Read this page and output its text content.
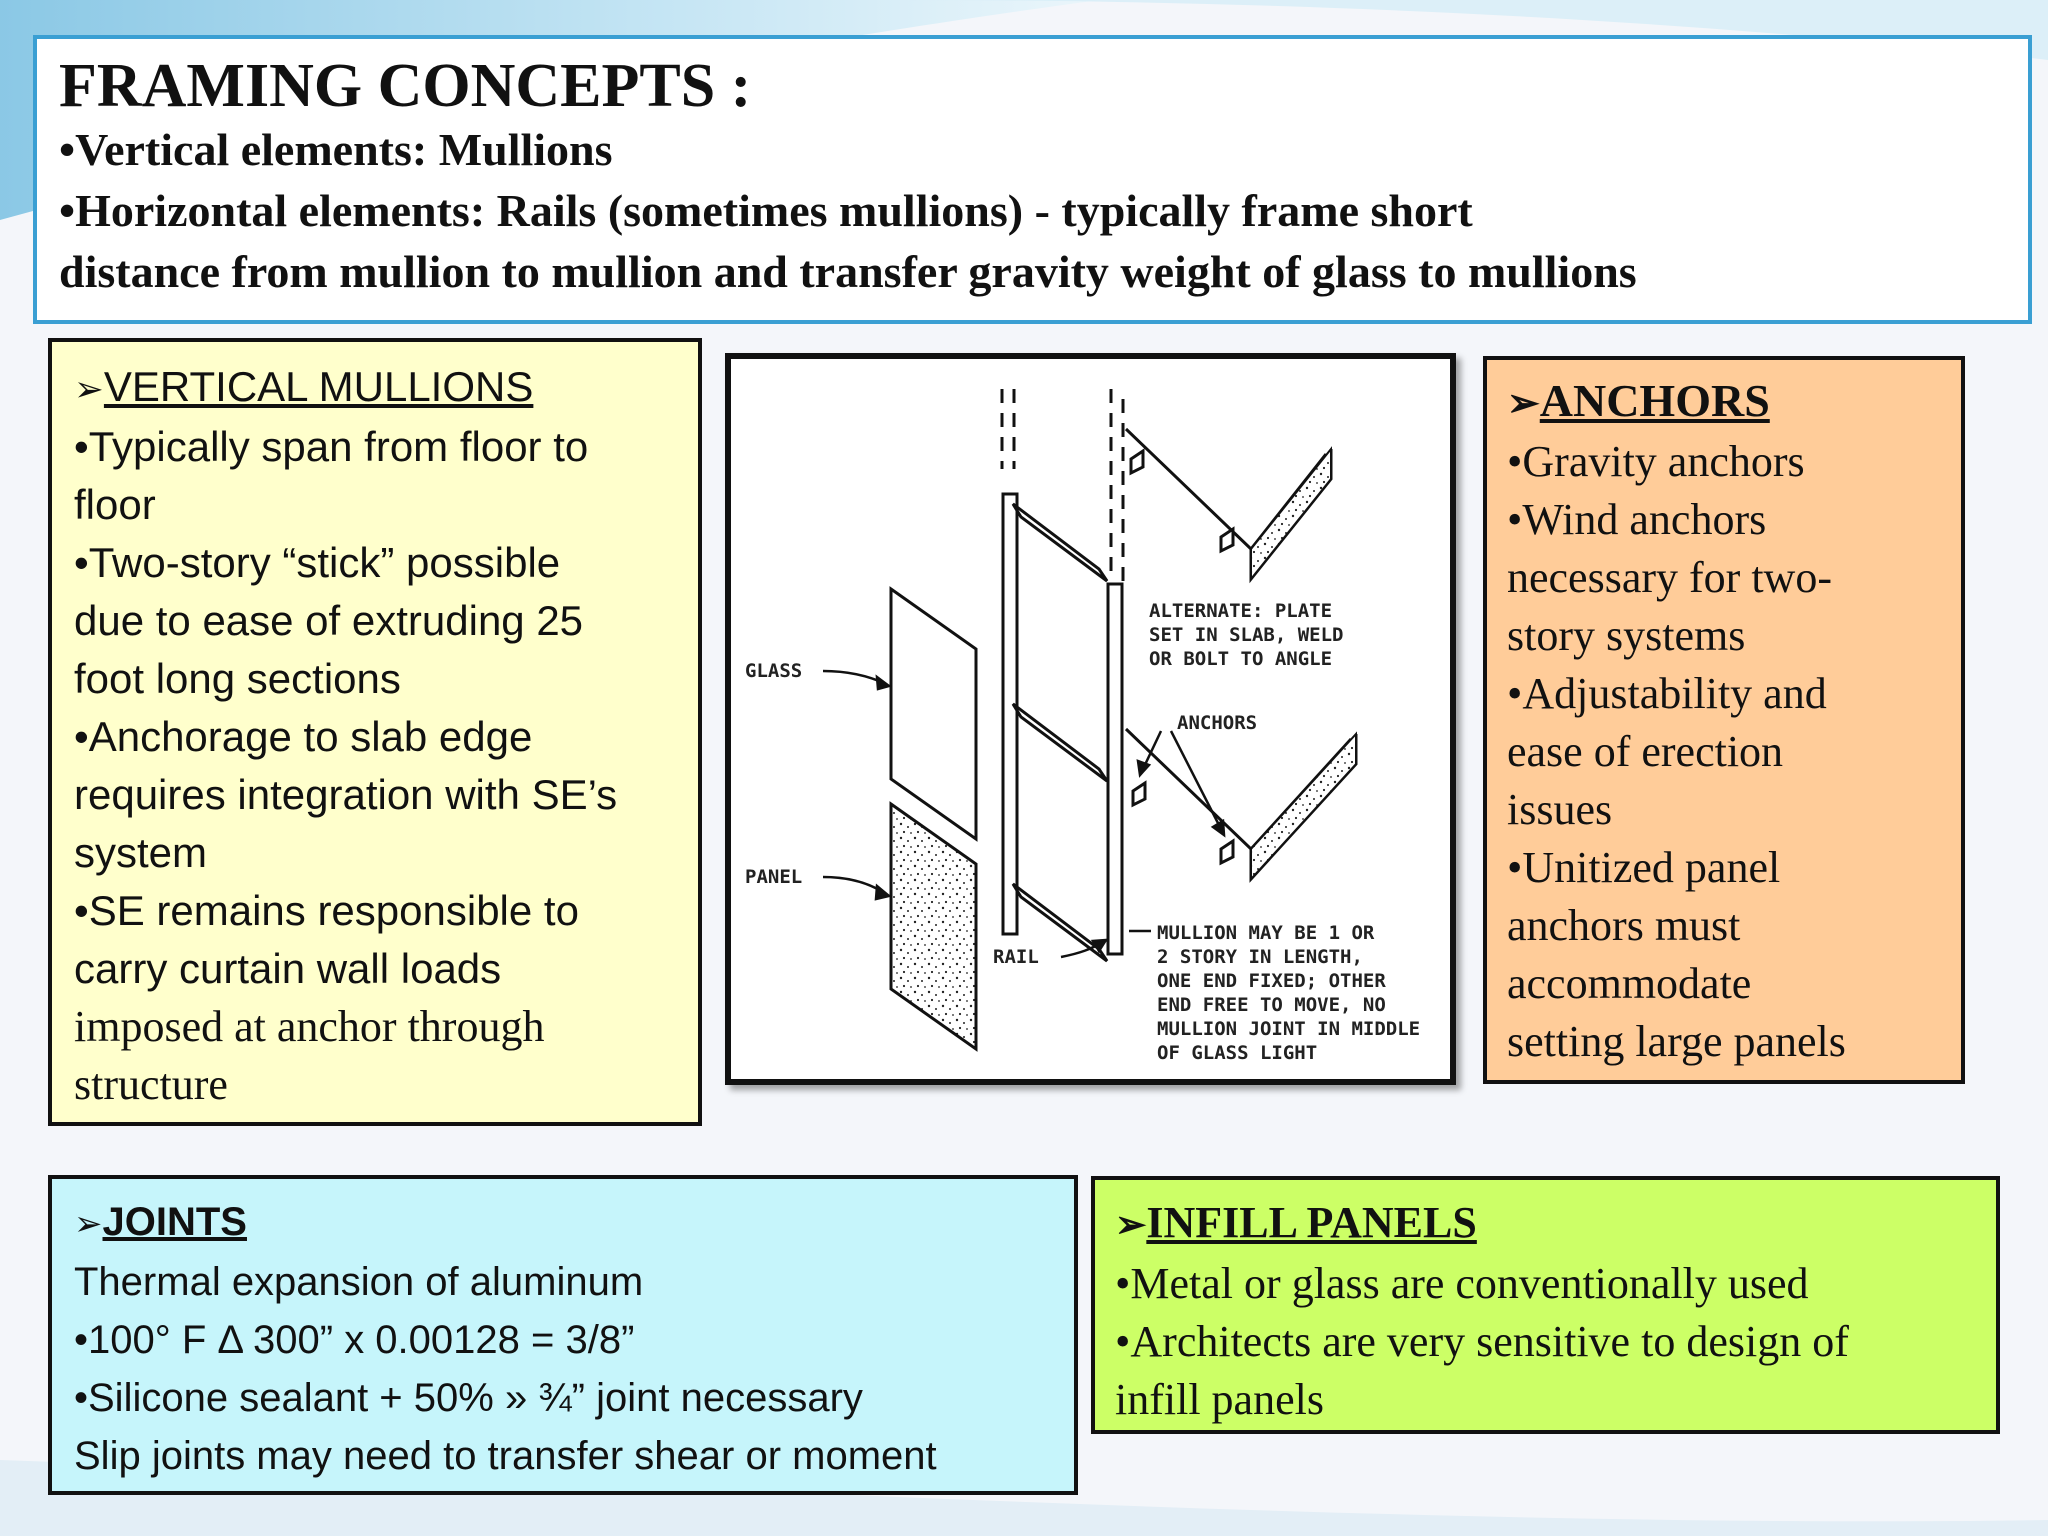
FRAMING CONCEPTS :
•Vertical elements: Mullions
•Horizontal elements: Rails (sometimes mullions) - typically frame short
distance from mullion to mullion and transfer gravity weight of glass to mullions
➢VERTICAL MULLIONS
•Typically span from floor to
floor
•Two-story “stick” possible
due to ease of extruding 25
foot long sections
•Anchorage to slab edge
requires integration with SE’s
system
•SE remains responsible to
carry curtain wall loads
imposed at anchor through
structure
GLASS
PANEL
RAIL
ANCHORS
ALTERNATE: PLATE
SET IN SLAB, WELD
OR BOLT TO ANGLE
MULLION MAY BE 1 OR
2 STORY IN LENGTH,
ONE END FIXED; OTHER
END FREE TO MOVE, NO
MULLION JOINT IN MIDDLE
OF GLASS LIGHT
➢ANCHORS
•Gravity anchors
•Wind anchors
necessary for two-
story systems
•Adjustability and
ease of erection
issues
•Unitized panel
anchors must
accommodate
setting large panels
➢JOINTS
Thermal expansion of aluminum
•100° F Δ 300” x 0.00128 = 3/8”
•Silicone sealant + 50% » ¾” joint necessary
Slip joints may need to transfer shear or moment
➢INFILL PANELS
•Metal or glass are conventionally used
•Architects are very sensitive to design of
infill panels
